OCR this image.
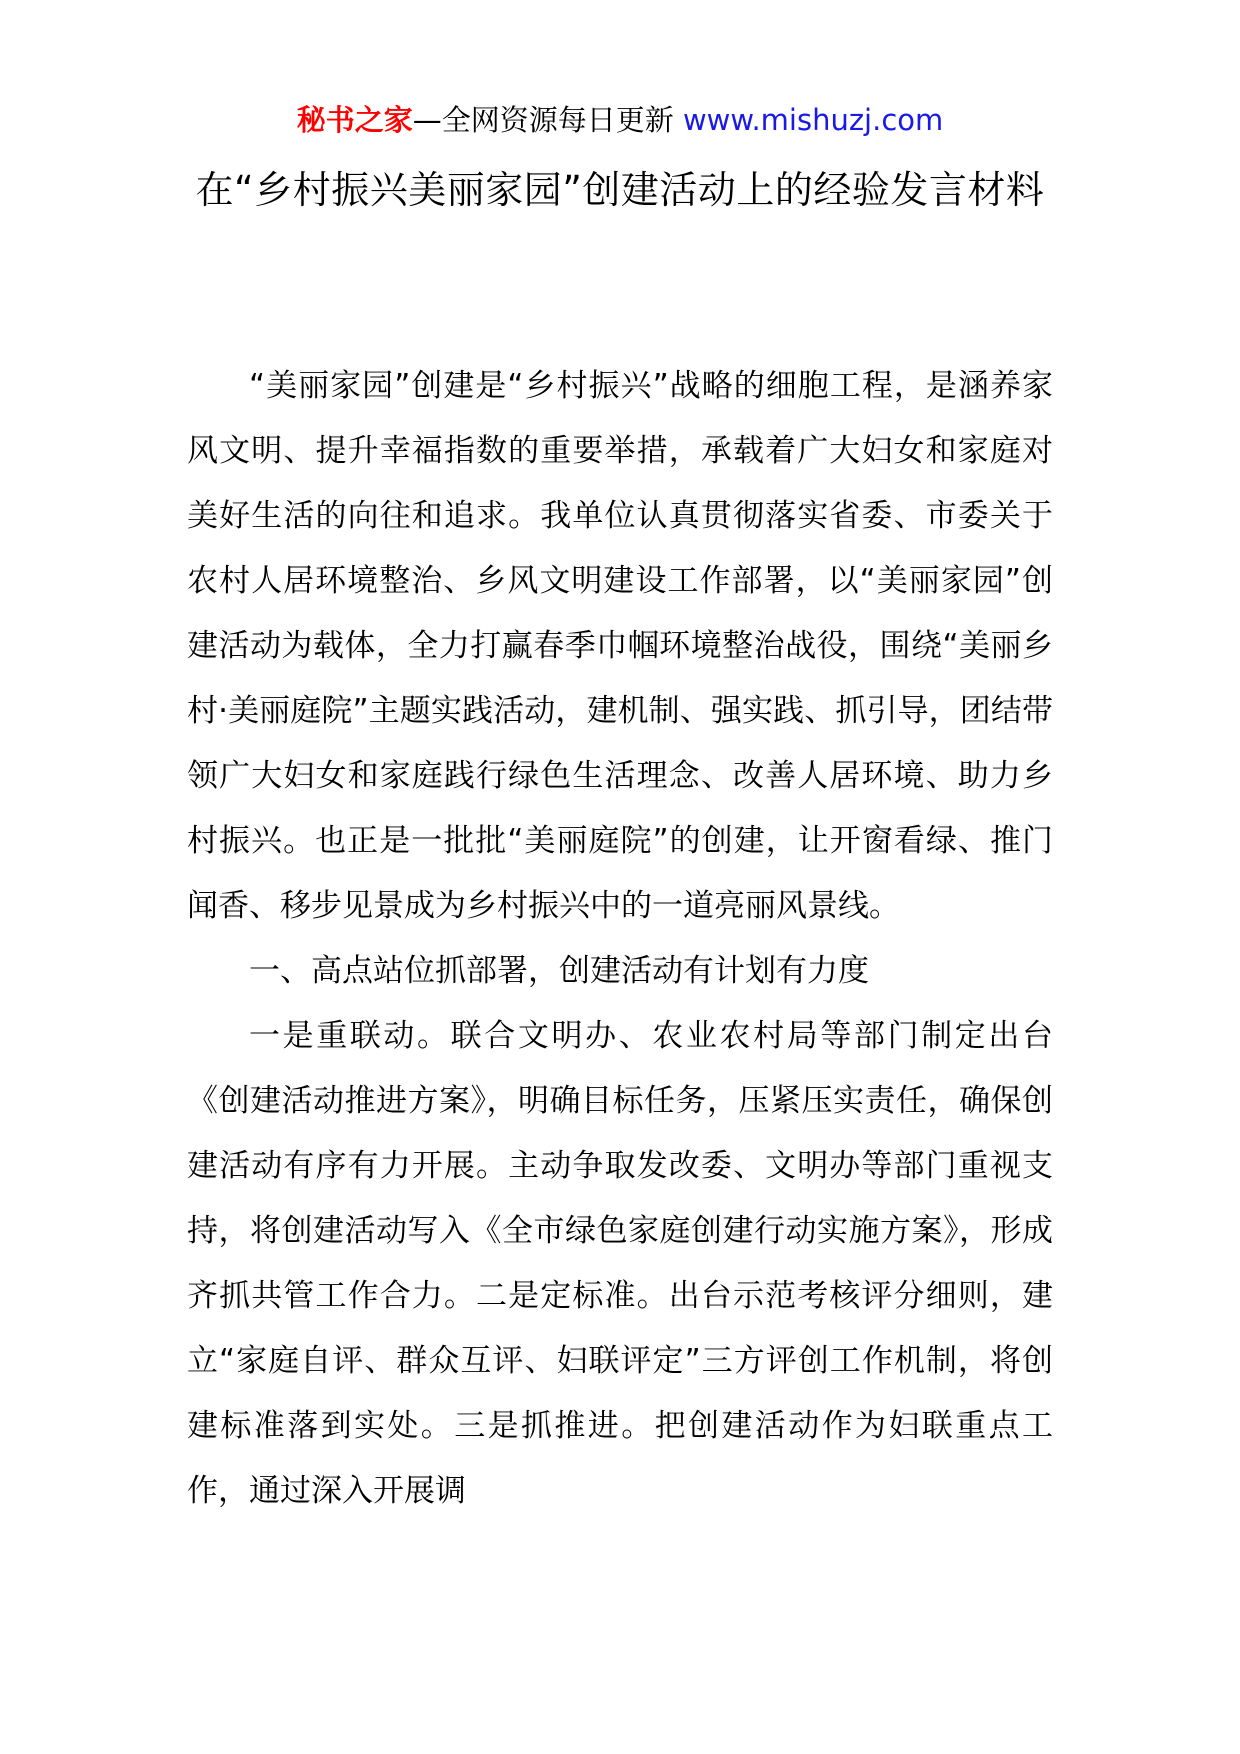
秘书之家—全网资源每日更新 www.mishuzj.com
在“乡村振兴美丽家园”创建活动上的经验发言材料

“美丽家园”创建是“乡村振兴”战略的细胞工程，是涵养家风文明、提升幸福指数的重要举措，承载着广大妇女和家庭对美好生活的向往和追求。我单位认真贯彻落实省委、市委关于农村人居环境整治、乡风文明建设工作部署，以“美丽家园”创建活动为载体，全力打赢春季巾帼环境整治战役，围绕“美丽乡村·美丽庭院”主题实践活动，建机制、强实践、抓引导，团结带领广大妇女和家庭践行绿色生活理念、改善人居环境、助力乡村振兴。也正是一批批“美丽庭院”的创建，让开窗看绿、推门闻香、移步见景成为乡村振兴中的一道亮丽风景线。

一、高点站位抓部署，创建活动有计划有力度

一是重联动。联合文明办、农业农村局等部门制定出台《创建活动推进方案》，明确目标任务，压紧压实责任，确保创建活动有序有力开展。主动争取发改委、文明办等部门重视支持，将创建活动写入《全市绿色家庭创建行动实施方案》，形成齐抓共管工作合力。二是定标准。出台示范考核评分细则，建立“家庭自评、群众互评、妇联评定”三方评创工作机制，将创建标准落到实处。三是抓推进。把创建活动作为妇联重点工作，通过深入开展调
